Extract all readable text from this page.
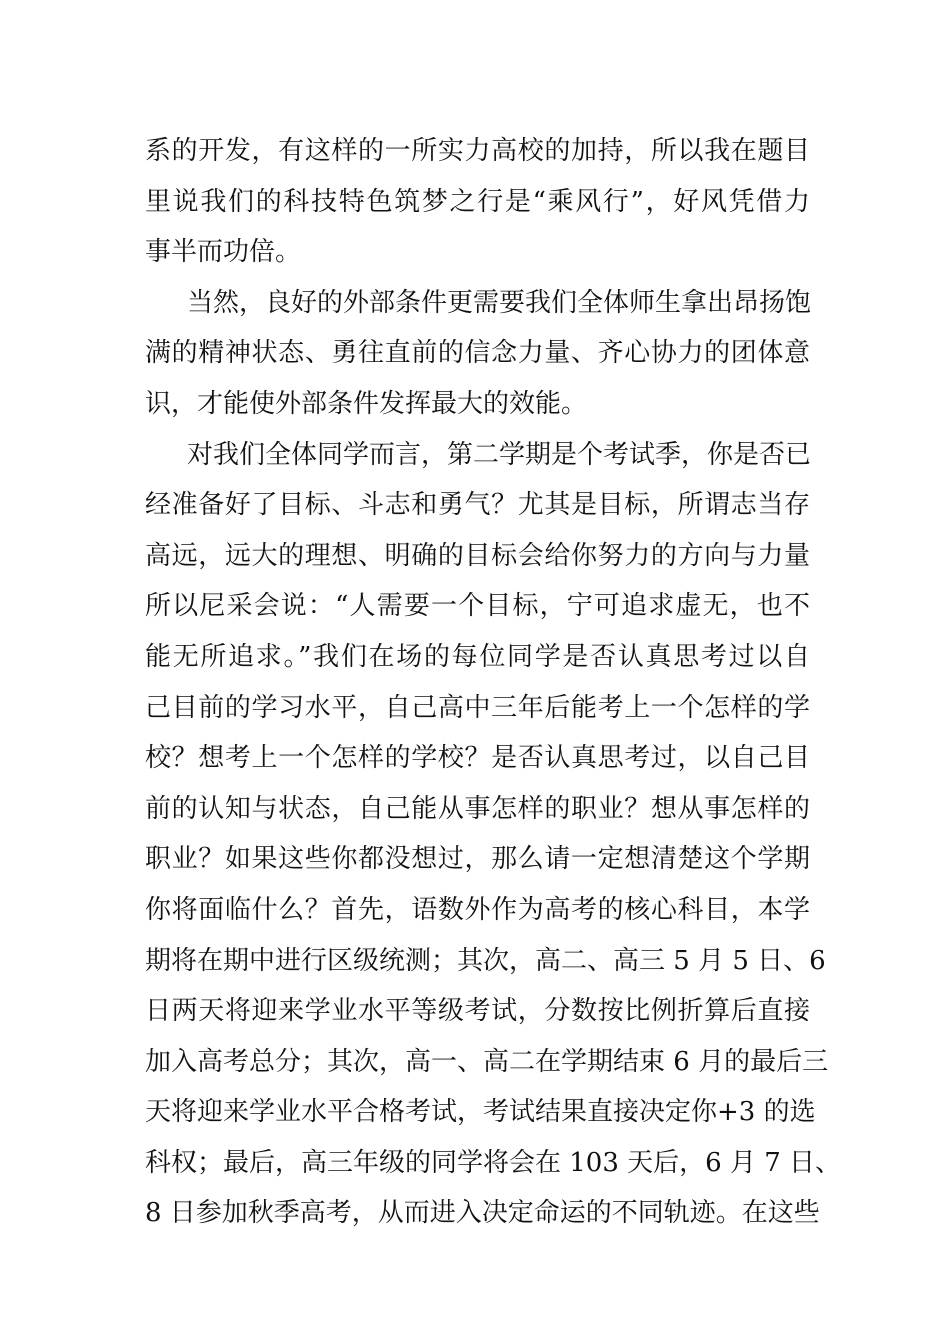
系的开发，有这样的一所实力高校的加持，所以我在题目
里说我们的科技特色筑梦之行是“乘风行”，好风凭借力
事半而功倍。
当然，良好的外部条件更需要我们全体师生拿出昂扬饱
满的精神状态、勇往直前的信念力量、齐心协力的团体意
识，才能使外部条件发挥最大的效能。
对我们全体同学而言，第二学期是个考试季，你是否已
经准备好了目标、斗志和勇气？尤其是目标，所谓志当存
高远，远大的理想、明确的目标会给你努力的方向与力量
所以尼采会说：“人需要一个目标，宁可追求虚无，也不
能无所追求。”我们在场的每位同学是否认真思考过以自
己目前的学习水平，自己高中三年后能考上一个怎样的学
校？想考上一个怎样的学校？是否认真思考过，以自己目
前的认知与状态，自己能从事怎样的职业？想从事怎样的
职业？如果这些你都没想过，那么请一定想清楚这个学期
你将面临什么？首先，语数外作为高考的核心科目，本学
期将在期中进行区级统测；其次，高二、高三 5 月 5 日、6
日两天将迎来学业水平等级考试，分数按比例折算后直接
加入高考总分；其次，高一、高二在学期结束 6 月的最后三
天将迎来学业水平合格考试，考试结果直接决定你+3 的选
科权；最后，高三年级的同学将会在 103 天后，6 月 7 日、
8 日参加秋季高考，从而进入决定命运的不同轨迹。在这些
